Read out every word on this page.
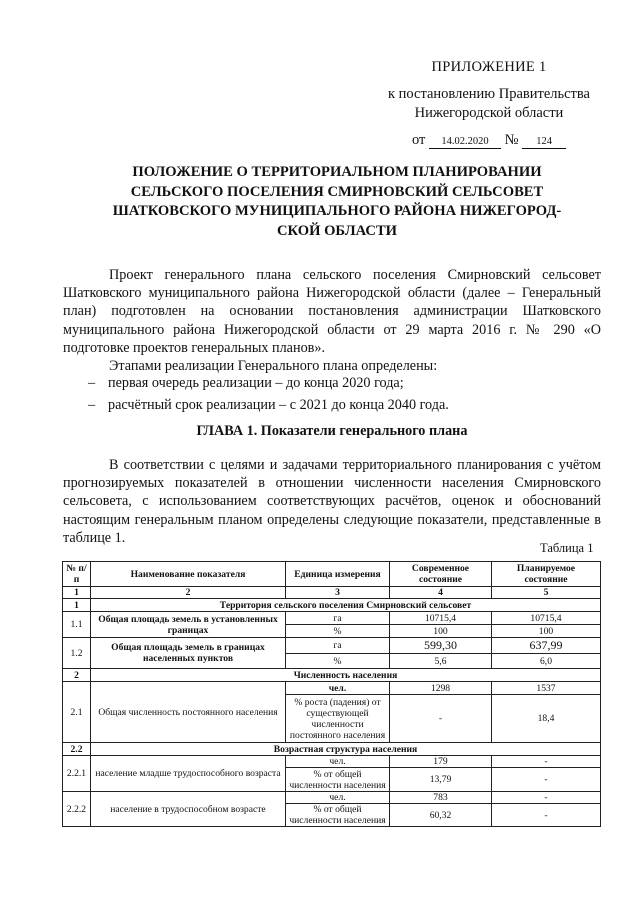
ПРИЛОЖЕНИЕ 1
к постановлению Правительства
Нижегородской области
от 14.02.2020 № 124
ПОЛОЖЕНИЕ О ТЕРРИТОРИАЛЬНОМ ПЛАНИРОВАНИИ
СЕЛЬСКОГО ПОСЕЛЕНИЯ СМИРНОВСКИЙ СЕЛЬСОВЕТ
ШАТКОВСКОГО МУНИЦИПАЛЬНОГО РАЙОНА НИЖЕГОРОД-
СКОЙ ОБЛАСТИ
Проект генерального плана сельского поселения Смирновский сельсовет Шатковского муниципального района Нижегородской области (далее – Генеральный план) подготовлен на основании постановления администрации Шатковского муниципального района Нижегородской области от 29 марта 2016 г. № 290 «О подготовке проектов генеральных планов».
Этапами реализации Генерального плана определены:
– первая очередь реализации – до конца 2020 года;
– расчётный срок реализации – с 2021 до конца 2040 года.
ГЛАВА 1. Показатели генерального плана
В соответствии с целями и задачами территориального планирования с учётом прогнозируемых показателей в отношении численности населения Смирновского сельсовета, с использованием соответствующих расчётов, оценок и обоснований настоящим генеральным планом определены следующие показатели, представленные в таблице 1.
Таблица 1
№ п/п	Наименование показателя	Единица измерения	Современное состояние	Планируемое состояние
1	2	3	4	5
1	Территория сельского поселения Смирновский сельсовет			
1.1	Общая площадь земель в установленных границах	га	10715,4	10715,4
		%	100	100
1.2	Общая площадь земель в границах населенных пунктов	га	599,30	637,99
		%	5,6	6,0
2	Численность населения			
2.1	Общая численность постоянного населения	чел.	1298	1537
		% роста (падения) от существующей численности постоянного населения	-	18,4
2.2	Возрастная структура населения			
2.2.1	население младше трудоспособного возраста	чел.	179	-
		% от общей численности населения	13,79	-
2.2.2	население в трудоспособном возрасте	чел.	783	-
		% от общей численности населения	60,32	-
